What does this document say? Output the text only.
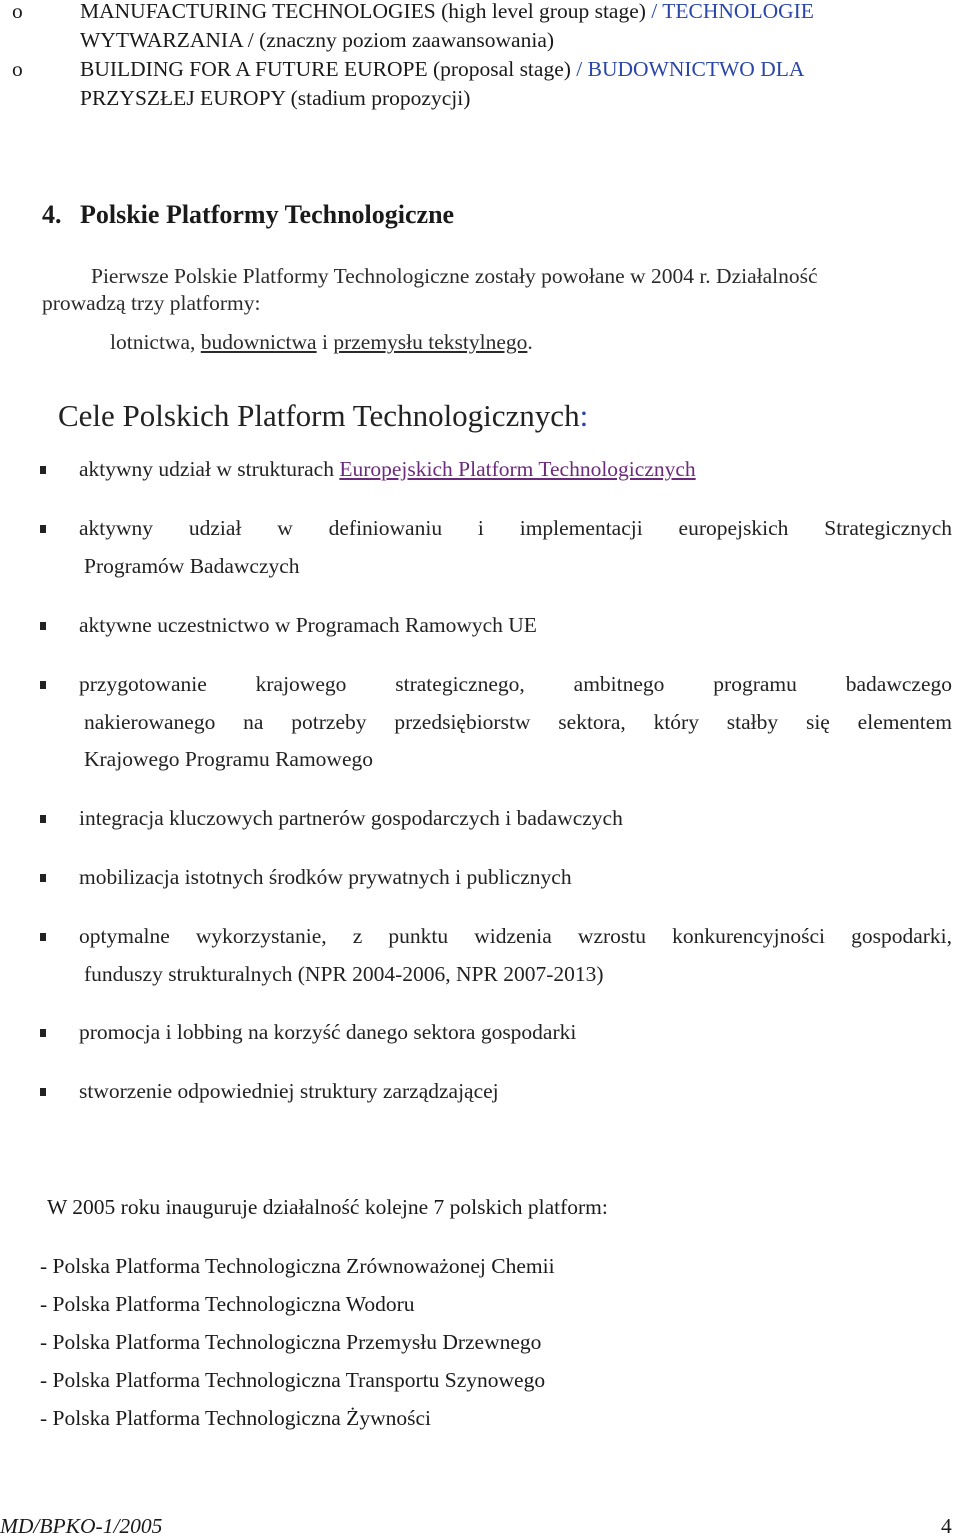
o	MANUFACTURING TECHNOLOGIES (high level group stage) / TECHNOLOGIE
WYTWARZANIA / (znaczny poziom zaawansowania)
o	BUILDING FOR A FUTURE EUROPE (proposal stage) / BUDOWNICTWO DLA
PRZYSZŁEJ EUROPY (stadium propozycji)
4. Polskie Platformy Technologiczne
Pierwsze Polskie Platformy Technologiczne zostały powołane w 2004 r. Działalność
prowadzą trzy platformy:
lotnictwa, budownictwa i przemysłu tekstylnego.
Cele Polskich Platform Technologicznych:
aktywny udział w strukturach Europejskich Platform Technologicznych
aktywny udział w definiowaniu i implementacji europejskich Strategicznych
Programów Badawczych
aktywne uczestnictwo w Programach Ramowych UE
przygotowanie krajowego strategicznego, ambitnego programu badawczego
nakierowanego na potrzeby przedsiębiorstw sektora, który stałby się elementem
Krajowego Programu Ramowego
integracja kluczowych partnerów gospodarczych i badawczych
mobilizacja istotnych środków prywatnych i publicznych
optymalne wykorzystanie, z punktu widzenia wzrostu konkurencyjności gospodarki,
funduszy strukturalnych (NPR 2004-2006, NPR 2007-2013)
promocja i lobbing na korzyść danego sektora gospodarki
stworzenie odpowiedniej struktury zarządzającej
W 2005 roku inauguruje działalność kolejne 7 polskich platform:
- Polska Platforma Technologiczna Zrównoważonej Chemii
- Polska Platforma Technologiczna Wodoru
- Polska Platforma Technologiczna Przemysłu Drzewnego
- Polska Platforma Technologiczna Transportu Szynowego
- Polska Platforma Technologiczna Żywności
MD/BPKO-1/2005	4
